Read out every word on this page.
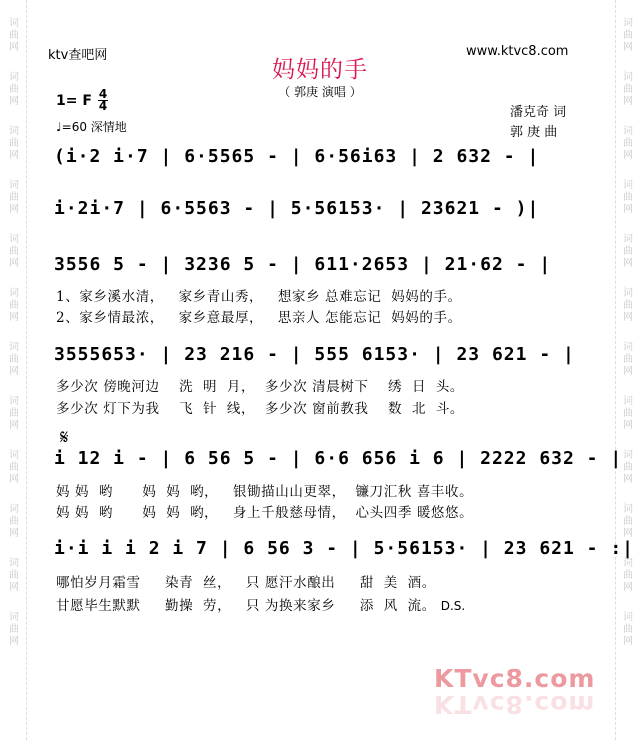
词
曲
网
词
曲
网
词
曲
网
词
曲
网
词
曲
网
词
曲
网
词
曲
网
词
曲
网
词
曲
网
词
曲
网
词
曲
网
词
曲
网
词
曲
网
词
曲
网
词
曲
网
词
曲
网
词
曲
网
词
曲
网
词
曲
网
词
曲
网
词
曲
网
词
曲
网
词
曲
网
词
曲
网
ktv查吧网	www.ktvc8.com
妈妈的手
（ 郭庚 演唱 ）
1= F $\frac{4}{4}$
♩=60 深情地
潘克奇 词
郭 庚 曲
(i·2 i·7 | 6·5565 - | 6·56i63 | 2 632 - |
i·2i·7 | 6·5563 - | 5·56153· | 23621 - )|
3556 5 - | 3236 5 - | 611·2653 | 21·62 - |
1、家乡溪水清，   家乡青山秀，   想家乡 总难忘记  妈妈的手。
2、家乡情最浓，   家乡意最厚，   思亲人 怎能忘记  妈妈的手。
3555653· | 23 216 - | 555 6153· | 23 621 - |
多少次 傍晚河边    洗  明  月，  多少次 清晨树下    绣  日  头。
多少次 灯下为我    飞  针  线，  多少次 窗前教我    数  北  斗。
𝄋
i 12 i - | 6 56 5 - | 6·6 656 i 6 | 2222 632 - |
妈 妈  哟      妈  妈  哟，   银锄描山山更翠，  镰刀汇秋 喜丰收。
妈 妈  哟      妈  妈  哟，   身上千般慈母情，  心头四季 暖悠悠。
i·i i i 2 i 7 | 6 56 3 - | 5·56153· | 23 621 - :|
哪怕岁月霜雪     染青  丝，   只 愿汗水酿出     甜  美  酒。
甘愿毕生默默     勤操  劳，   只 为换来家乡     添  风  流。 D.S.
KTvc8.com
KTvc8.com
